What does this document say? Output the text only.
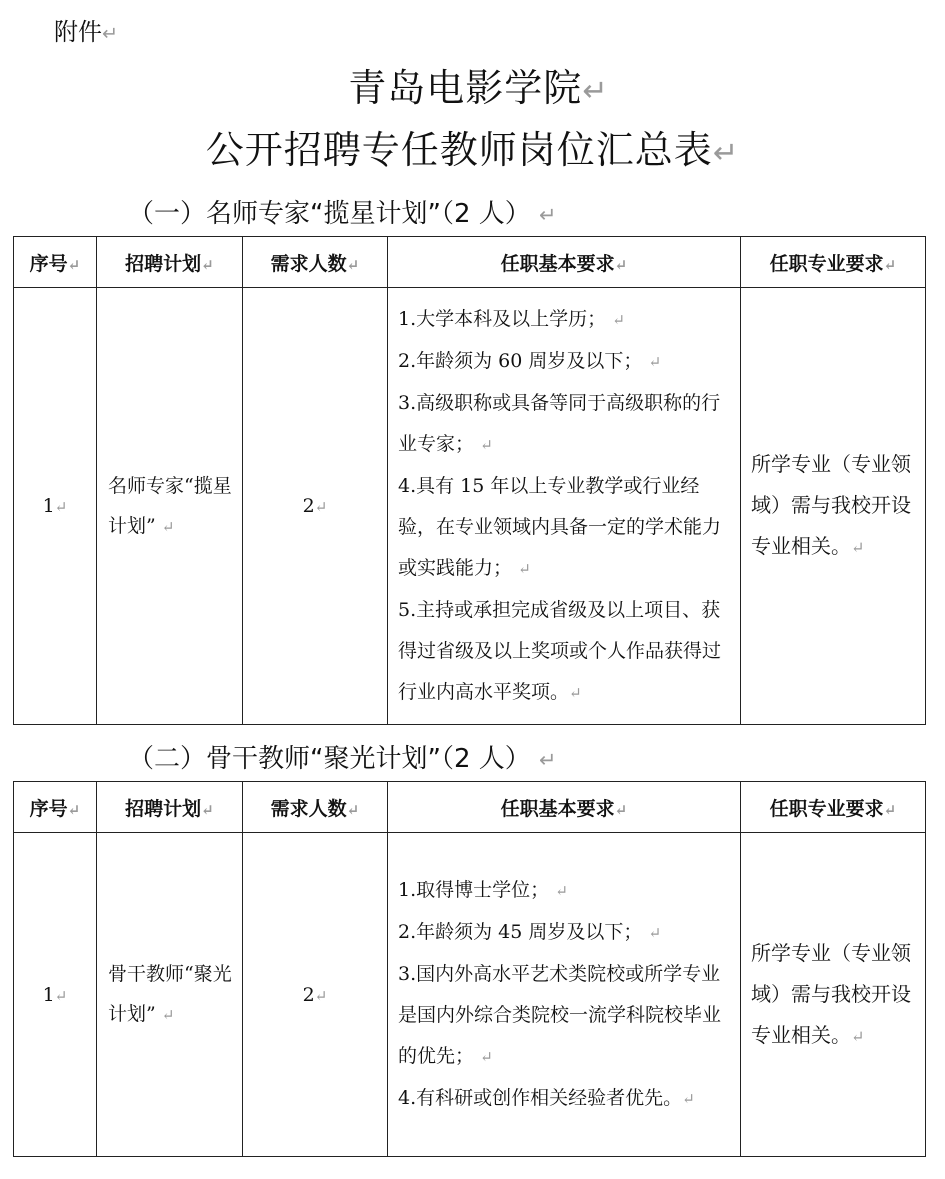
附件↵
青岛电影学院↵
公开招聘专任教师岗位汇总表↵
（一）名师专家“揽星计划”（2 人） ↵
序号↵	招聘计划↵	需求人数↵	任职基本要求↵	任职专业要求↵
1↵	名师专家“揽星计划” ↵	2↵	1.大学本科及以上学历； ↵
2.年龄须为 60 周岁及以下； ↵
3.高级职称或具备等同于高级职称的行业专家； ↵
4.具有 15 年以上专业教学或行业经验，在专业领域内具备一定的学术能力或实践能力； ↵
5.主持或承担完成省级及以上项目、获得过省级及以上奖项或个人作品获得过行业内高水平奖项。↵	所学专业（专业领域）需与我校开设专业相关。↵
（二）骨干教师“聚光计划”（2 人） ↵
序号↵	招聘计划↵	需求人数↵	任职基本要求↵	任职专业要求↵
1↵	骨干教师“聚光计划” ↵	2↵	1.取得博士学位； ↵
2.年龄须为 45 周岁及以下； ↵
3.国内外高水平艺术类院校或所学专业是国内外综合类院校一流学科院校毕业的优先； ↵
4.有科研或创作相关经验者优先。↵	所学专业（专业领域）需与我校开设专业相关。↵
